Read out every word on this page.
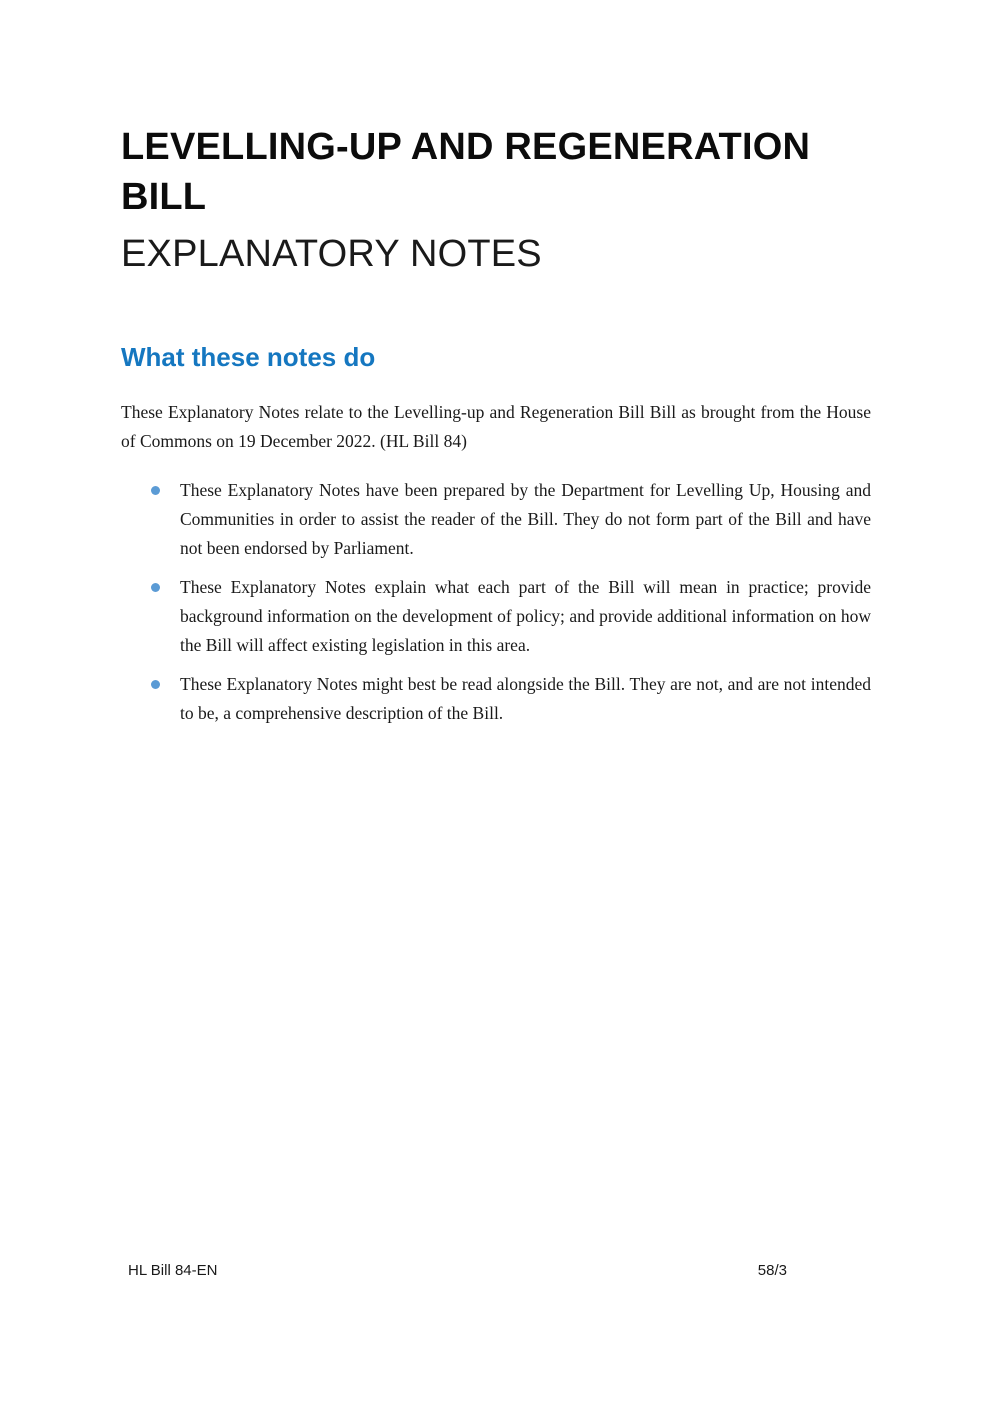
LEVELLING-UP AND REGENERATION
BILL
EXPLANATORY NOTES
What these notes do

These Explanatory Notes relate to the Levelling-up and Regeneration Bill Bill as brought from the House of Commons on 19 December 2022. (HL Bill 84)

These Explanatory Notes have been prepared by the Department for Levelling Up, Housing and Communities in order to assist the reader of the Bill. They do not form part of the Bill and have not been endorsed by Parliament.
These Explanatory Notes explain what each part of the Bill will mean in practice; provide background information on the development of policy; and provide additional information on how the Bill will affect existing legislation in this area.
These Explanatory Notes might best be read alongside the Bill. They are not, and are not intended to be, a comprehensive description of the Bill.
HL Bill 84-EN	58/3
